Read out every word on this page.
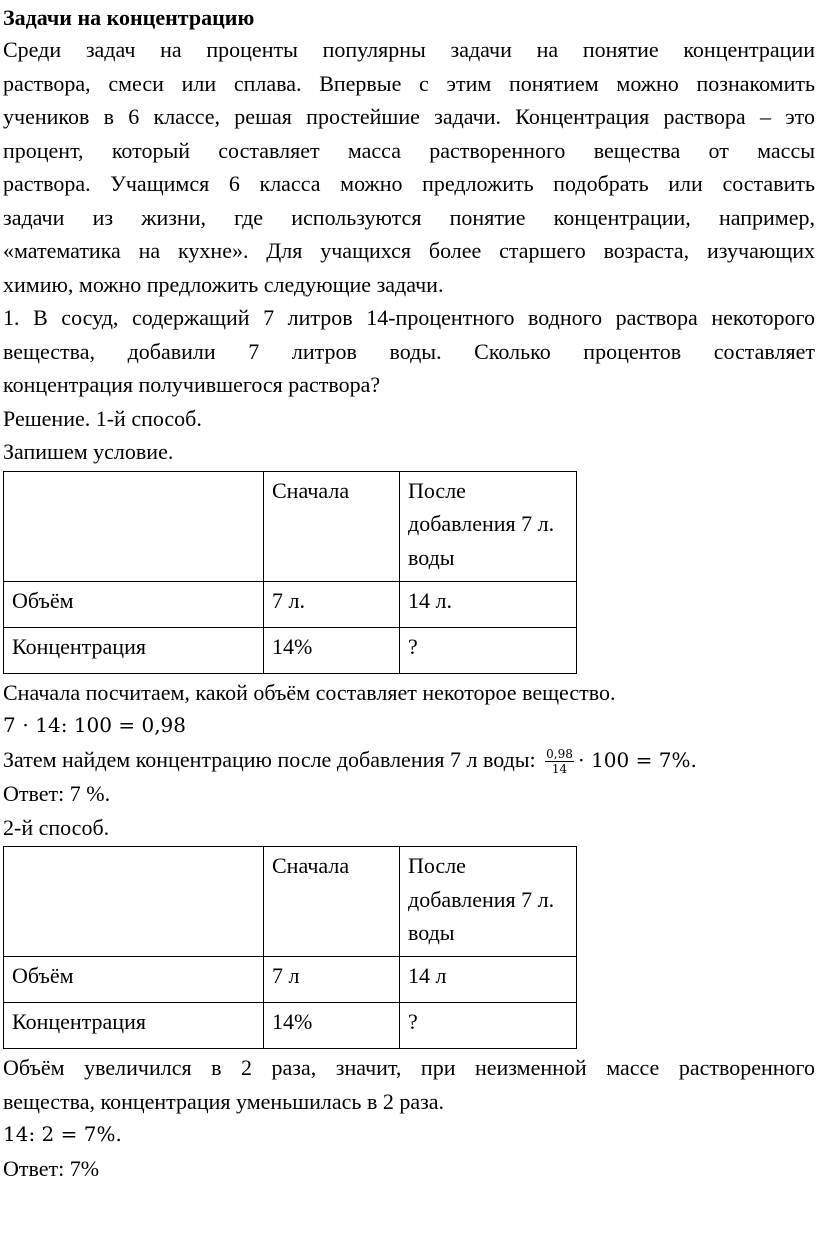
Задачи на концентрацию

Среди задач на проценты популярны задачи на понятие концентрации

раствора, смеси или сплава. Впервые с этим понятием можно познакомить

учеников в 6 классе, решая простейшие задачи. Концентрация раствора – это

процент, который составляет масса растворенного вещества от массы

раствора. Учащимся 6 класса можно предложить подобрать или составить

задачи из жизни, где используются понятие концентрации, например,

«математика на кухне». Для учащихся более старшего возраста, изучающих

химию, можно предложить следующие задачи.

1. В сосуд, содержащий 7 литров 14-процентного водного раствора некоторого

вещества, добавили 7 литров воды. Сколько процентов составляет

концентрация получившегося раствора?

Решение. 1-й способ.

Запишем условие.

	Сначала	После добавления 7 л. воды
Объём	7 л.	14 л.
Концентрация	14%	?

Сначала посчитаем, какой объём составляет некоторое вещество.

7 ⋅ 14: 100 = 0,98

Затем найдем концентрацию после добавления 7 л воды: $\frac{0,98}{14} \cdot 100 = 7\%$.

Ответ: 7 %.

2-й способ.

	Сначала	После добавления 7 л. воды
Объём	7 л	14 л
Концентрация	14%	?

Объём увеличился в 2 раза, значит, при неизменной массе растворенного

вещества, концентрация уменьшилась в 2 раза.

14: 2 = 7%.

Ответ: 7%
